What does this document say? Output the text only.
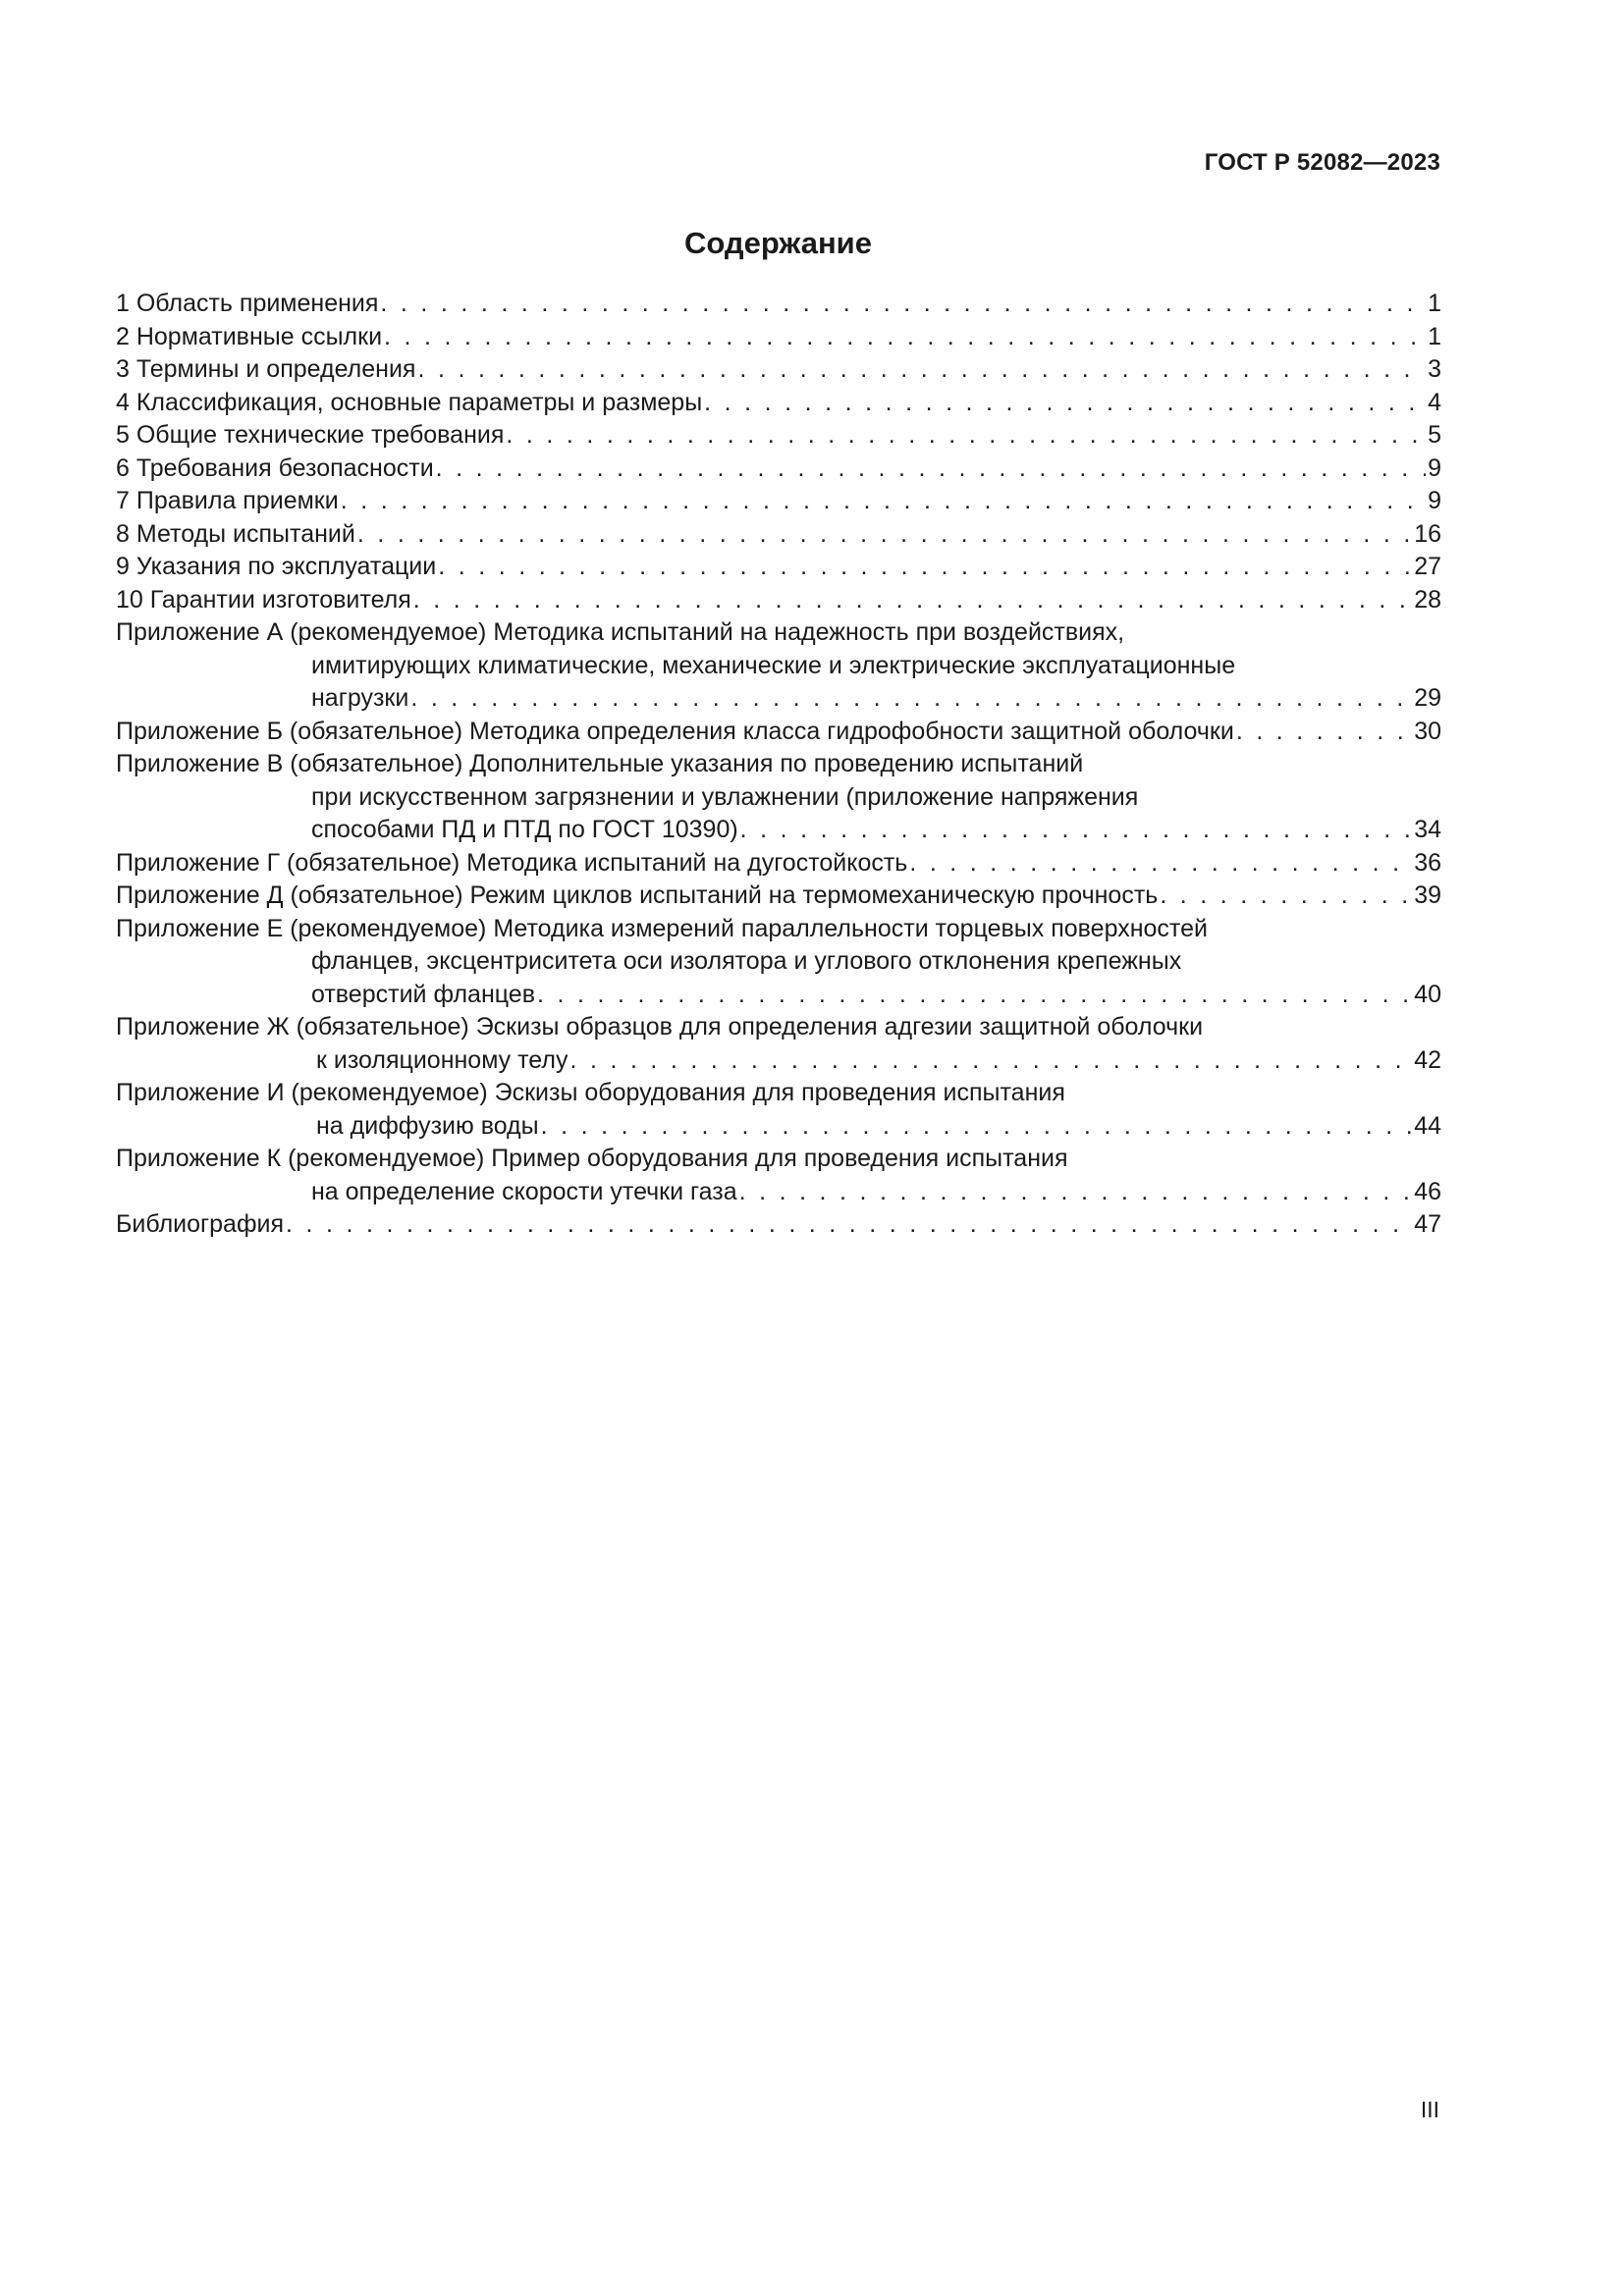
ГОСТ Р 52082—2023
Содержание
1 Область применения . . .	1
2 Нормативные ссылки . . .	1
3 Термины и определения . . .	3
4 Классификация, основные параметры и размеры . . .	4
5 Общие технические требования . . .	5
6 Требования безопасности . . .	9
7 Правила приемки . . .	9
8 Методы испытаний . . .	16
9 Указания по эксплуатации . . .	27
10 Гарантии изготовителя . . .	28
Приложение А (рекомендуемое) Методика испытаний на надежность при воздействиях,
имитирующих климатические, механические и электрические эксплуатационные
нагрузки . . .	29
Приложение Б (обязательное) Методика определения класса гидрофобности защитной оболочки . . .	30
Приложение В (обязательное) Дополнительные указания по проведению испытаний
при искусственном загрязнении и увлажнении (приложение напряжения
способами ПД и ПТД по ГОСТ 10390) . . .	34
Приложение Г (обязательное) Методика испытаний на дугостойкость . . .	36
Приложение Д (обязательное) Режим циклов испытаний на термомеханическую прочность . . .	39
Приложение Е (рекомендуемое) Методика измерений параллельности торцевых поверхностей
фланцев, эксцентриситета оси изолятора и углового отклонения крепежных
отверстий фланцев . . .	40
Приложение Ж (обязательное) Эскизы образцов для определения адгезии защитной оболочки
к изоляционному телу . . .	42
Приложение И (рекомендуемое) Эскизы оборудования для проведения испытания
на диффузию воды . . .	44
Приложение К (рекомендуемое) Пример оборудования для проведения испытания
на определение скорости утечки газа . . .	46
Библиография . . .	47
III
